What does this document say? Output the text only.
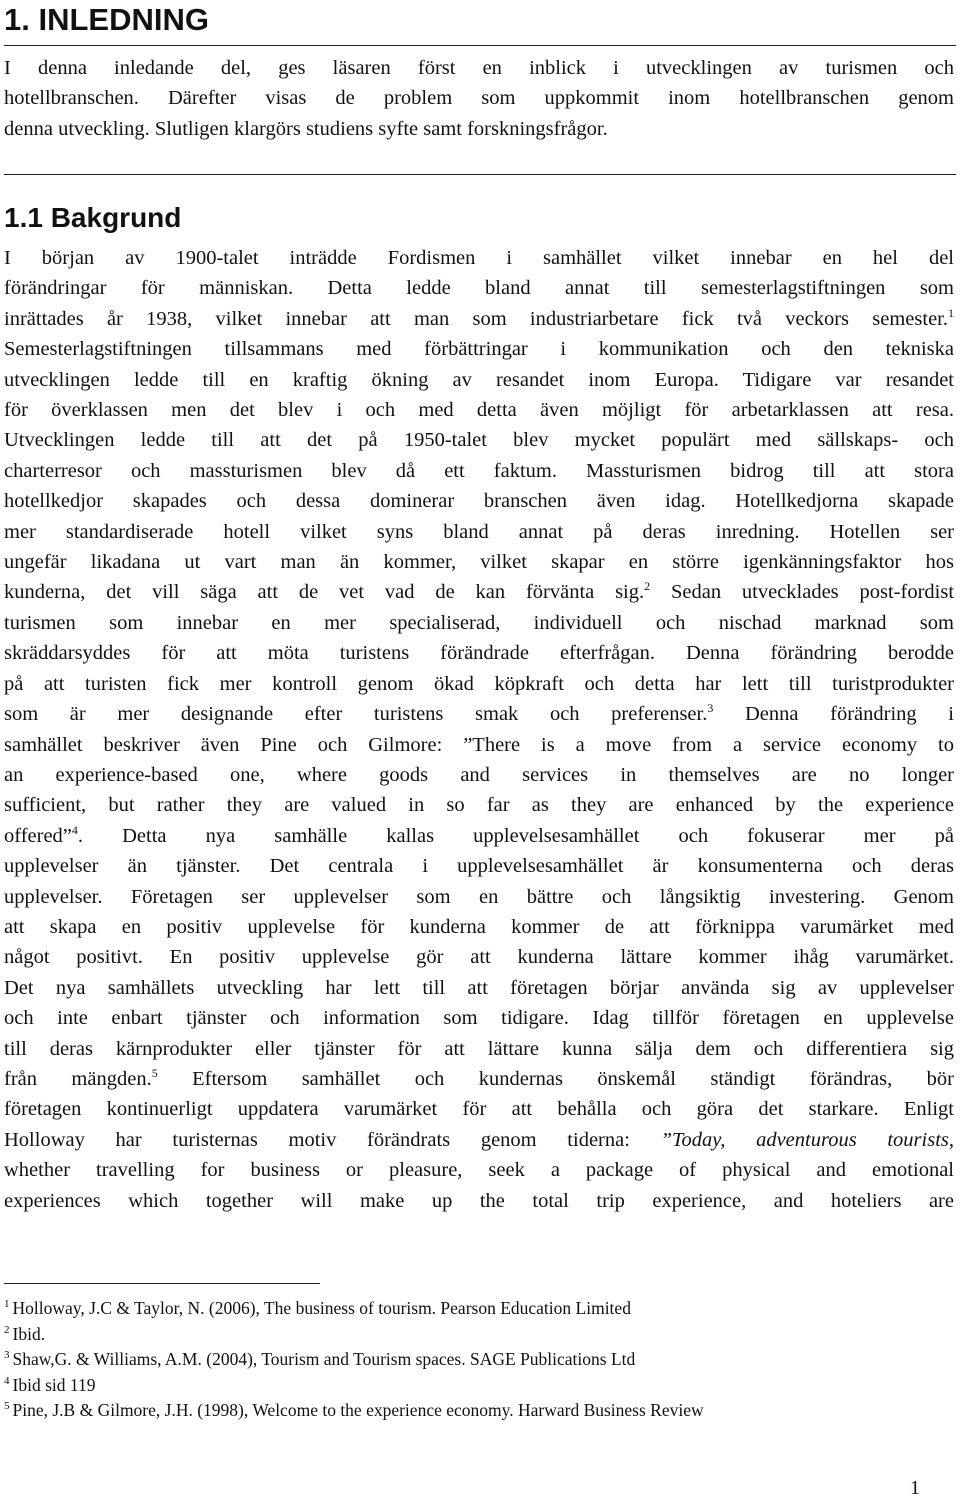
1. INLEDNING

I denna inledande del, ges läsaren först en inblick i utvecklingen av turismen och
hotellbranschen. Därefter visas de problem som uppkommit inom hotellbranschen genom
denna utveckling. Slutligen klargörs studiens syfte samt forskningsfrågor.

1.1 Bakgrund

I början av 1900-talet inträdde Fordismen i samhället vilket innebar en hel del
förändringar för människan. Detta ledde bland annat till semesterlagstiftningen som
inrättades år 1938, vilket innebar att man som industriarbetare fick två veckors semester.$^1$
Semesterlagstiftningen tillsammans med förbättringar i kommunikation och den tekniska
utvecklingen ledde till en kraftig ökning av resandet inom Europa. Tidigare var resandet
för överklassen men det blev i och med detta även möjligt för arbetarklassen att resa.
Utvecklingen ledde till att det på 1950-talet blev mycket populärt med sällskaps- och
charterresor och massturismen blev då ett faktum. Massturismen bidrog till att stora
hotellkedjor skapades och dessa dominerar branschen även idag. Hotellkedjorna skapade
mer standardiserade hotell vilket syns bland annat på deras inredning. Hotellen ser
ungefär likadana ut vart man än kommer, vilket skapar en större igenkänningsfaktor hos
kunderna, det vill säga att de vet vad de kan förvänta sig.$^2$ Sedan utvecklades post-fordist
turismen som innebar en mer specialiserad, individuell och nischad marknad som
skräddarsyddes för att möta turistens förändrade efterfrågan. Denna förändring berodde
på att turisten fick mer kontroll genom ökad köpkraft och detta har lett till turistprodukter
som är mer designande efter turistens smak och preferenser.$^3$ Denna förändring i
samhället beskriver även Pine och Gilmore: ”There is a move from a service economy to
an experience-based one, where goods and services in themselves are no longer
sufficient, but rather they are valued in so far as they are enhanced by the experience
offered”$^4$. Detta nya samhälle kallas upplevelsesamhället och fokuserar mer på
upplevelser än tjänster. Det centrala i upplevelsesamhället är konsumenterna och deras
upplevelser. Företagen ser upplevelser som en bättre och långsiktig investering. Genom
att skapa en positiv upplevelse för kunderna kommer de att förknippa varumärket med
något positivt. En positiv upplevelse gör att kunderna lättare kommer ihåg varumärket.
Det nya samhällets utveckling har lett till att företagen börjar använda sig av upplevelser
och inte enbart tjänster och information som tidigare. Idag tillför företagen en upplevelse
till deras kärnprodukter eller tjänster för att lättare kunna sälja dem och differentiera sig
från mängden.$^5$ Eftersom samhället och kundernas önskemål ständigt förändras, bör
företagen kontinuerligt uppdatera varumärket för att behålla och göra det starkare. Enligt
Holloway har turisternas motiv förändrats genom tiderna: ”Today, adventurous tourists,
whether travelling for business or pleasure, seek a package of physical and emotional
experiences which together will make up the total trip experience, and hoteliers are

$^1$ Holloway, J.C & Taylor, N. (2006), The business of tourism. Pearson Education Limited
$^2$ Ibid.
$^3$ Shaw,G. & Williams, A.M. (2004), Tourism and Tourism spaces. SAGE Publications Ltd
$^4$ Ibid sid 119
$^5$ Pine, J.B & Gilmore, J.H. (1998), Welcome to the experience economy. Harward Business Review
1
